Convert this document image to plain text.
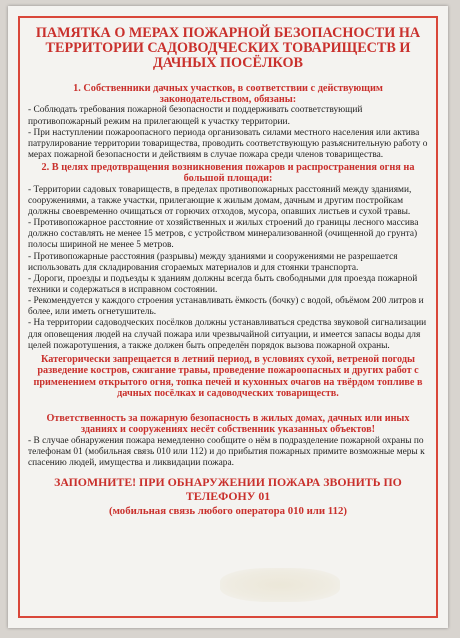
ПАМЯТКА О МЕРАХ ПОЖАРНОЙ БЕЗОПАСНОСТИ НА ТЕРРИТОРИИ САДОВОДЧЕСКИХ ТОВАРИЩЕСТВ И ДАЧНЫХ ПОСЁЛКОВ
1. Собственники дачных участков, в соответствии с действующим законодательством, обязаны:

- Соблюдать требования пожарной безопасности и поддерживать соответствующий противопожарный режим на прилегающей к участку территории.

- При наступлении пожароопасного периода организовать силами местного населения или актива патрулирование территории товарищества, проводить соответствующую разъяснительную работу о мерах пожарной безопасности и действиям в случае пожара среди членов товарищества.

2. В целях предотвращения возникновения пожаров и распространения огня на большой площади:

- Территории садовых товариществ, в пределах противопожарных расстояний между зданиями, сооружениями, а также участки, прилегающие к жилым домам, дачным и другим постройкам должны своевременно очищаться от горючих отходов, мусора, опавших листьев и сухой травы.

- Противопожарное расстояние от хозяйственных и жилых строений до границы лесного массива должно составлять не менее 15 метров, с устройством минерализованной (очищенной до грунта) полосы шириной не менее 5 метров.

- Противопожарные расстояния (разрывы) между зданиями и сооружениями не разрешается использовать для складирования сгораемых материалов и для стоянки транспорта.

- Дороги, проезды и подъезды к зданиям должны всегда быть свободными для проезда пожарной техники и содержаться в исправном состоянии.

- Рекомендуется у каждого строения устанавливать ёмкость (бочку) с водой, объёмом 200 литров и более, или иметь огнетушитель.

- На территории садоводческих посёлков должны устанавливаться средства звуковой сигнализации для оповещения людей на случай пожара или чрезвычайной ситуации, и имеется запасы воды для целей пожаротушения, а также должен быть определён порядок вызова пожарной охраны.

Категорически запрещается в летний период, в условиях сухой, ветреной погоды разведение костров, сжигание травы, проведение пожароопасных и других работ с применением открытого огня, топка печей и кухонных очагов на твёрдом топливе в дачных посёлках и садоводческих товариществ.
Ответственность за пожарную безопасность в жилых домах, дачных или иных зданиях и сооружениях несёт собственник указанных объектов!

- В случае обнаружения пожара немедленно сообщите о нём в подразделение пожарной охраны по телефонам 01 (мобильная связь 010 или 112) и до прибытия пожарных примите возможные меры к спасению людей, имущества и ликвидации пожара.

ЗАПОМНИТЕ! ПРИ ОБНАРУЖЕНИИ ПОЖАРА ЗВОНИТЬ ПО ТЕЛЕФОНУ 01
(мобильная связь любого оператора 010 или 112)
